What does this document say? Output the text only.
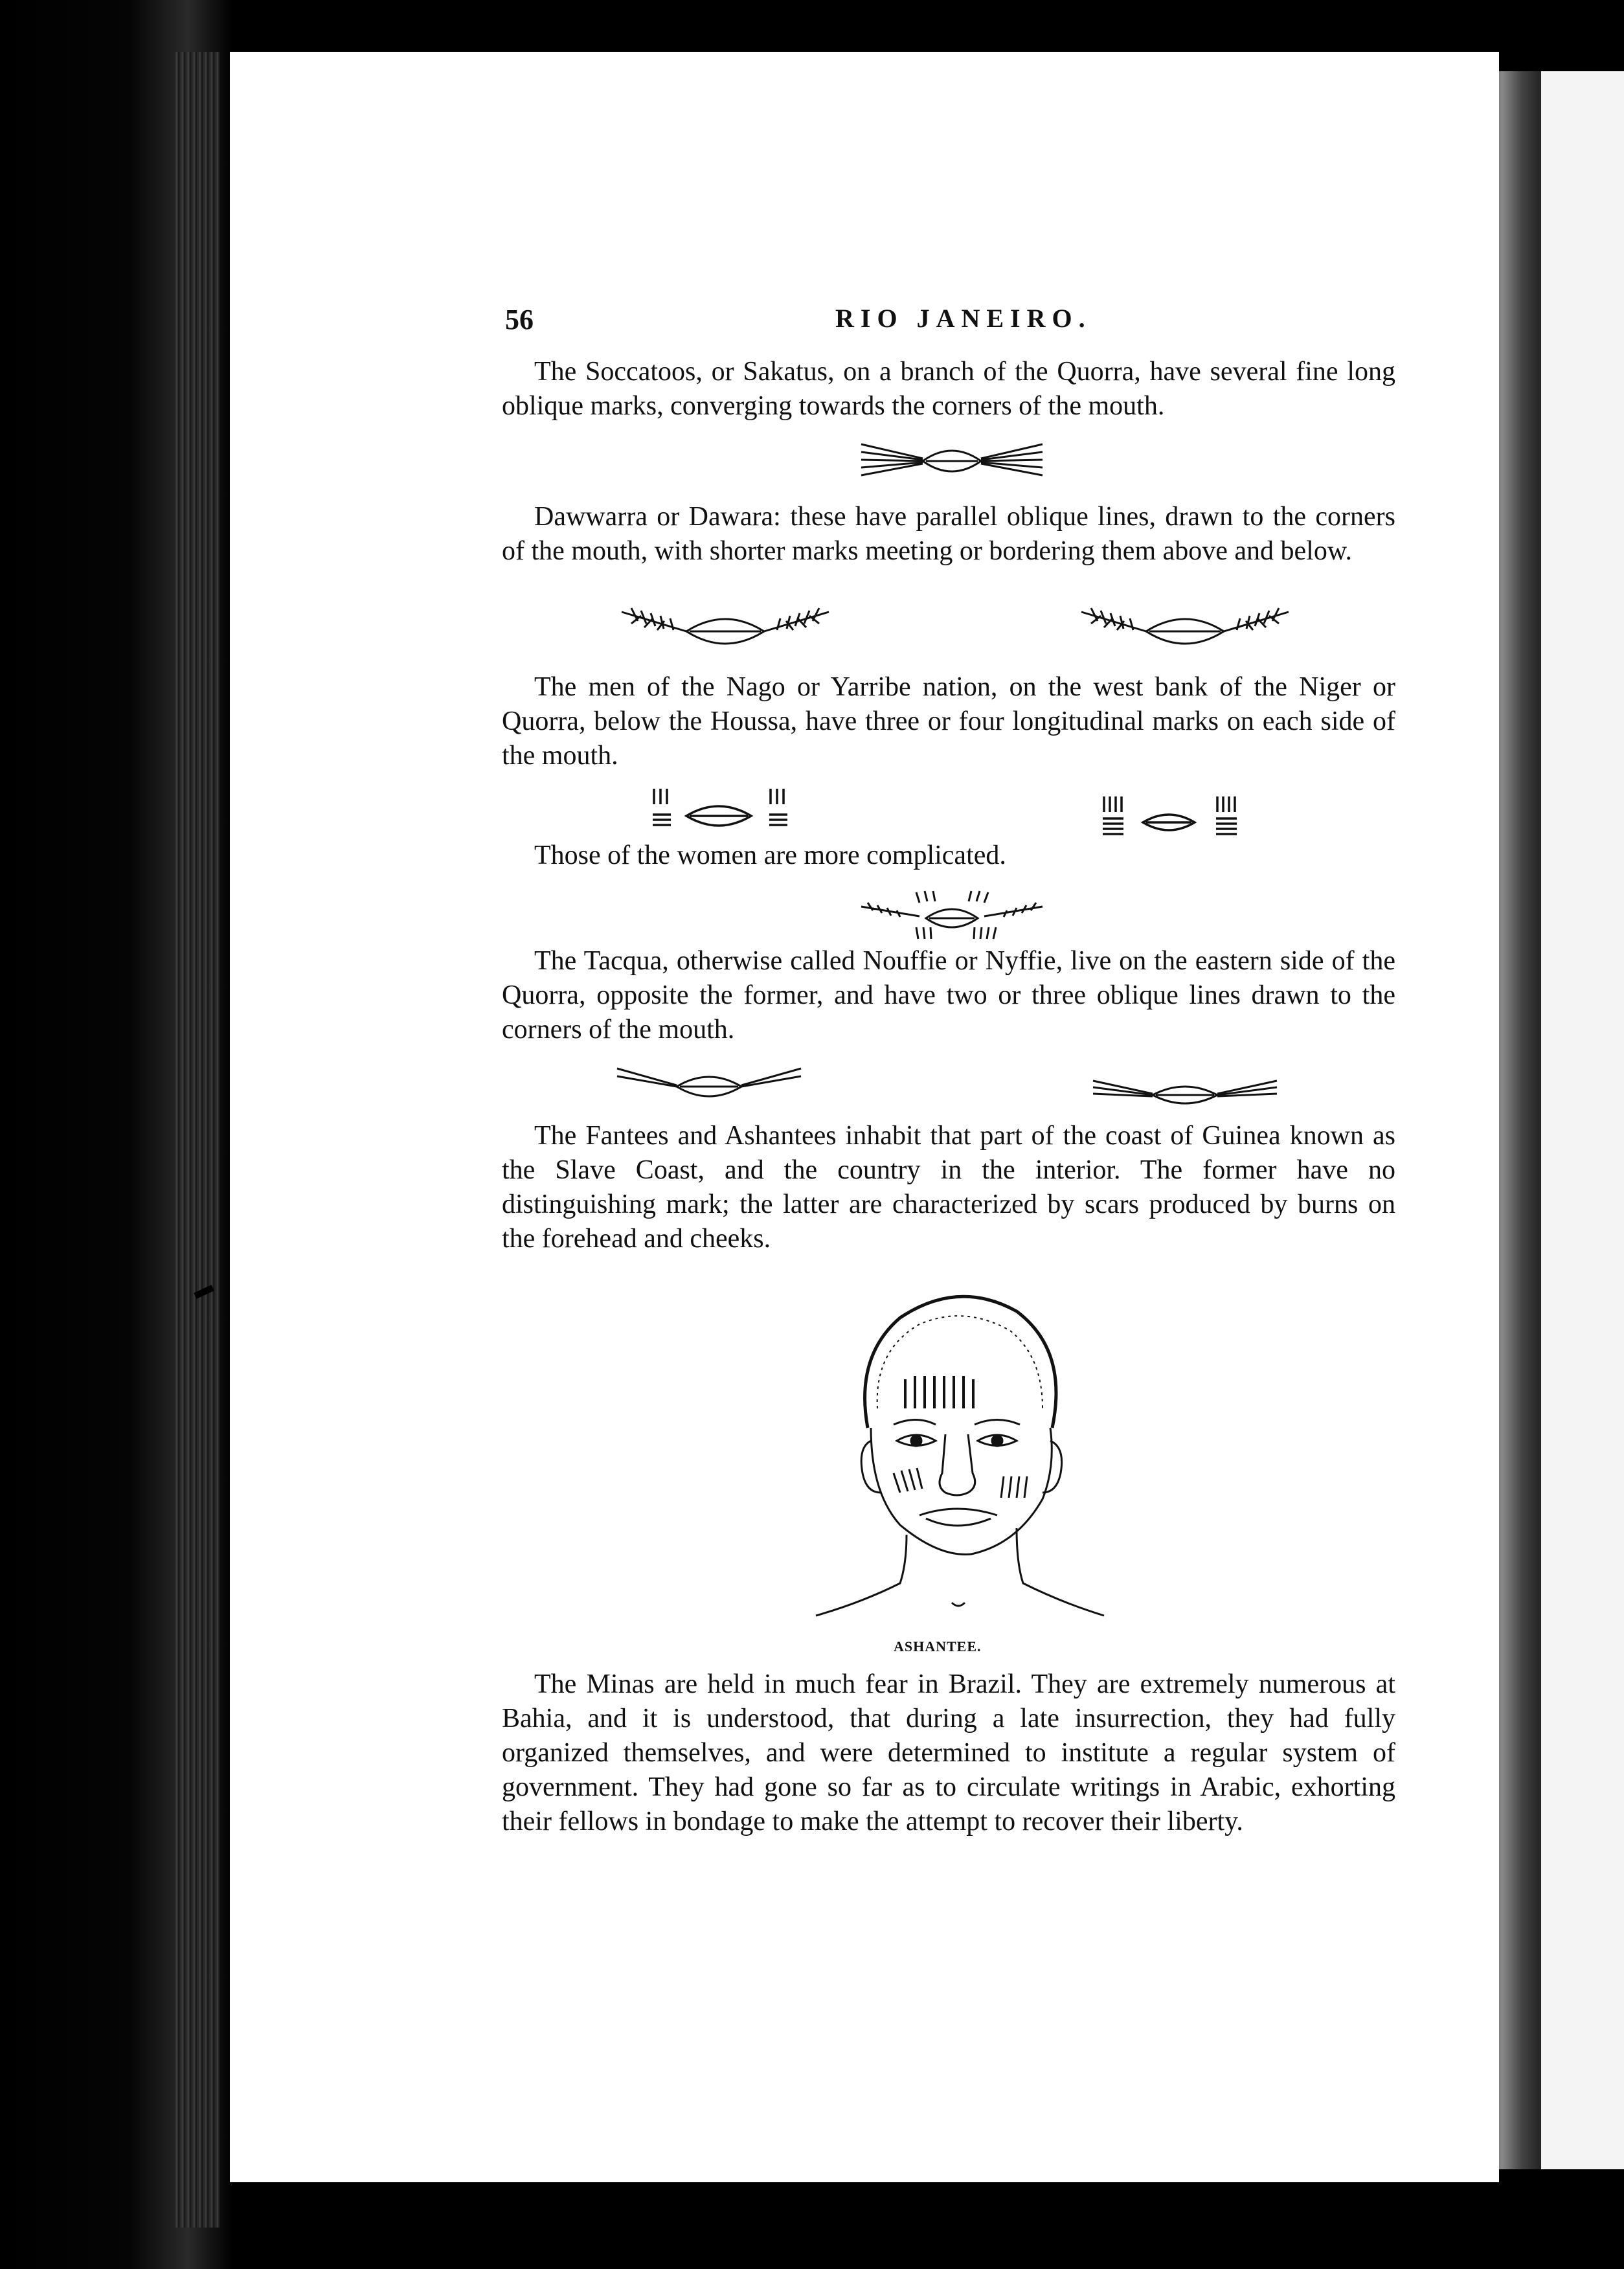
56	RIO JANEIRO.

The Soccatoos, or Sakatus, on a branch of the Quorra, have several fine long oblique marks, converging towards the corners of the mouth.

Dawwarra or Dawara: these have parallel oblique lines, drawn to the corners of the mouth, with shorter marks meeting or bordering them above and below.

The men of the Nago or Yarribe nation, on the west bank of the Niger or Quorra, below the Houssa, have three or four longitudinal marks on each side of the mouth.

Those of the women are more complicated.

The Tacqua, otherwise called Nouffie or Nyffie, live on the eastern side of the Quorra, opposite the former, and have two or three oblique lines drawn to the corners of the mouth.

The Fantees and Ashantees inhabit that part of the coast of Guinea known as the Slave Coast, and the country in the interior. The former have no distinguishing mark; the latter are characterized by scars produced by burns on the forehead and cheeks.

ASHANTEE.

The Minas are held in much fear in Brazil. They are extremely numerous at Bahia, and it is understood, that during a late insurrection, they had fully organized themselves, and were determined to institute a regular system of government. They had gone so far as to circulate writings in Arabic, exhorting their fellows in bondage to make the attempt to recover their liberty.
